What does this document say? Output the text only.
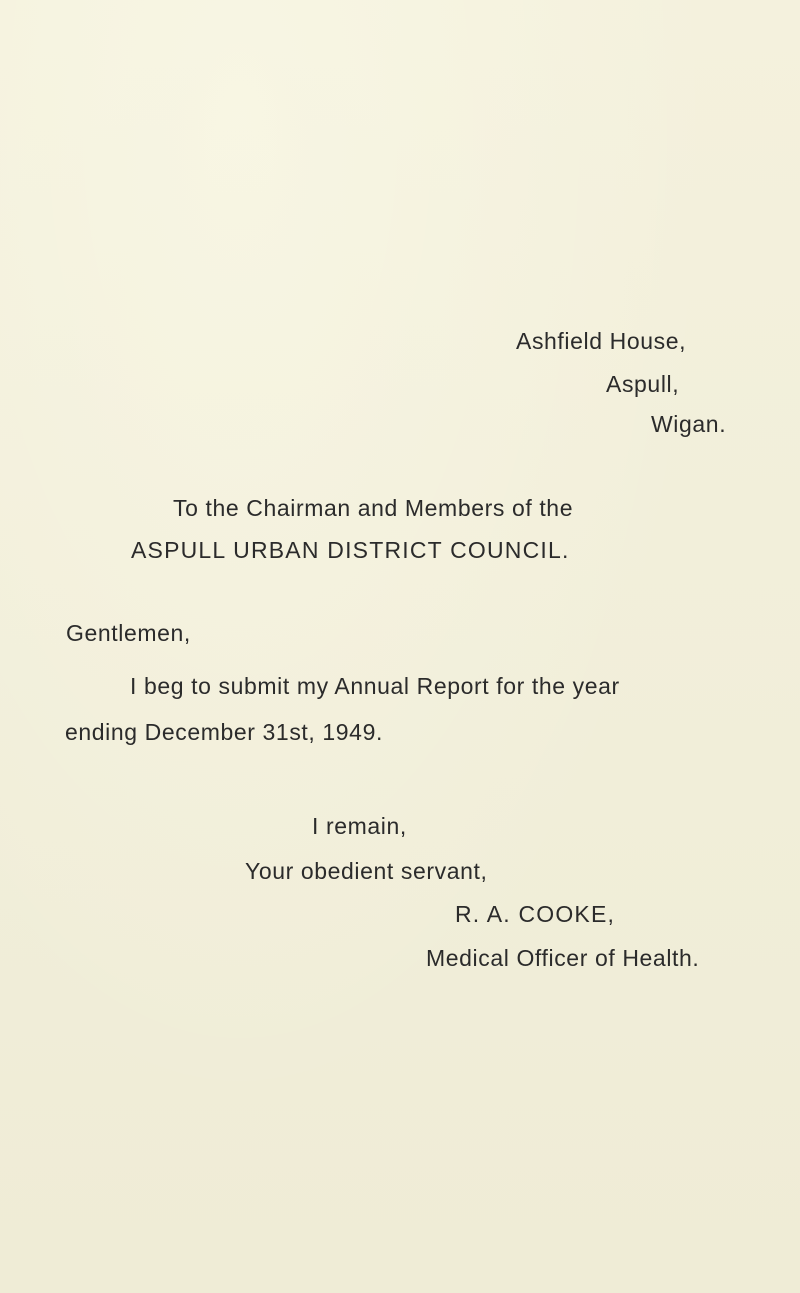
Ashfield House,
Aspull,
Wigan.
To the Chairman and Members of the
ASPULL URBAN DISTRICT COUNCIL.
Gentlemen,
I beg to submit my Annual Report for the year
ending December 31st, 1949.
I remain,
Your obedient servant,
R. A. COOKE,
Medical Officer of Health.
